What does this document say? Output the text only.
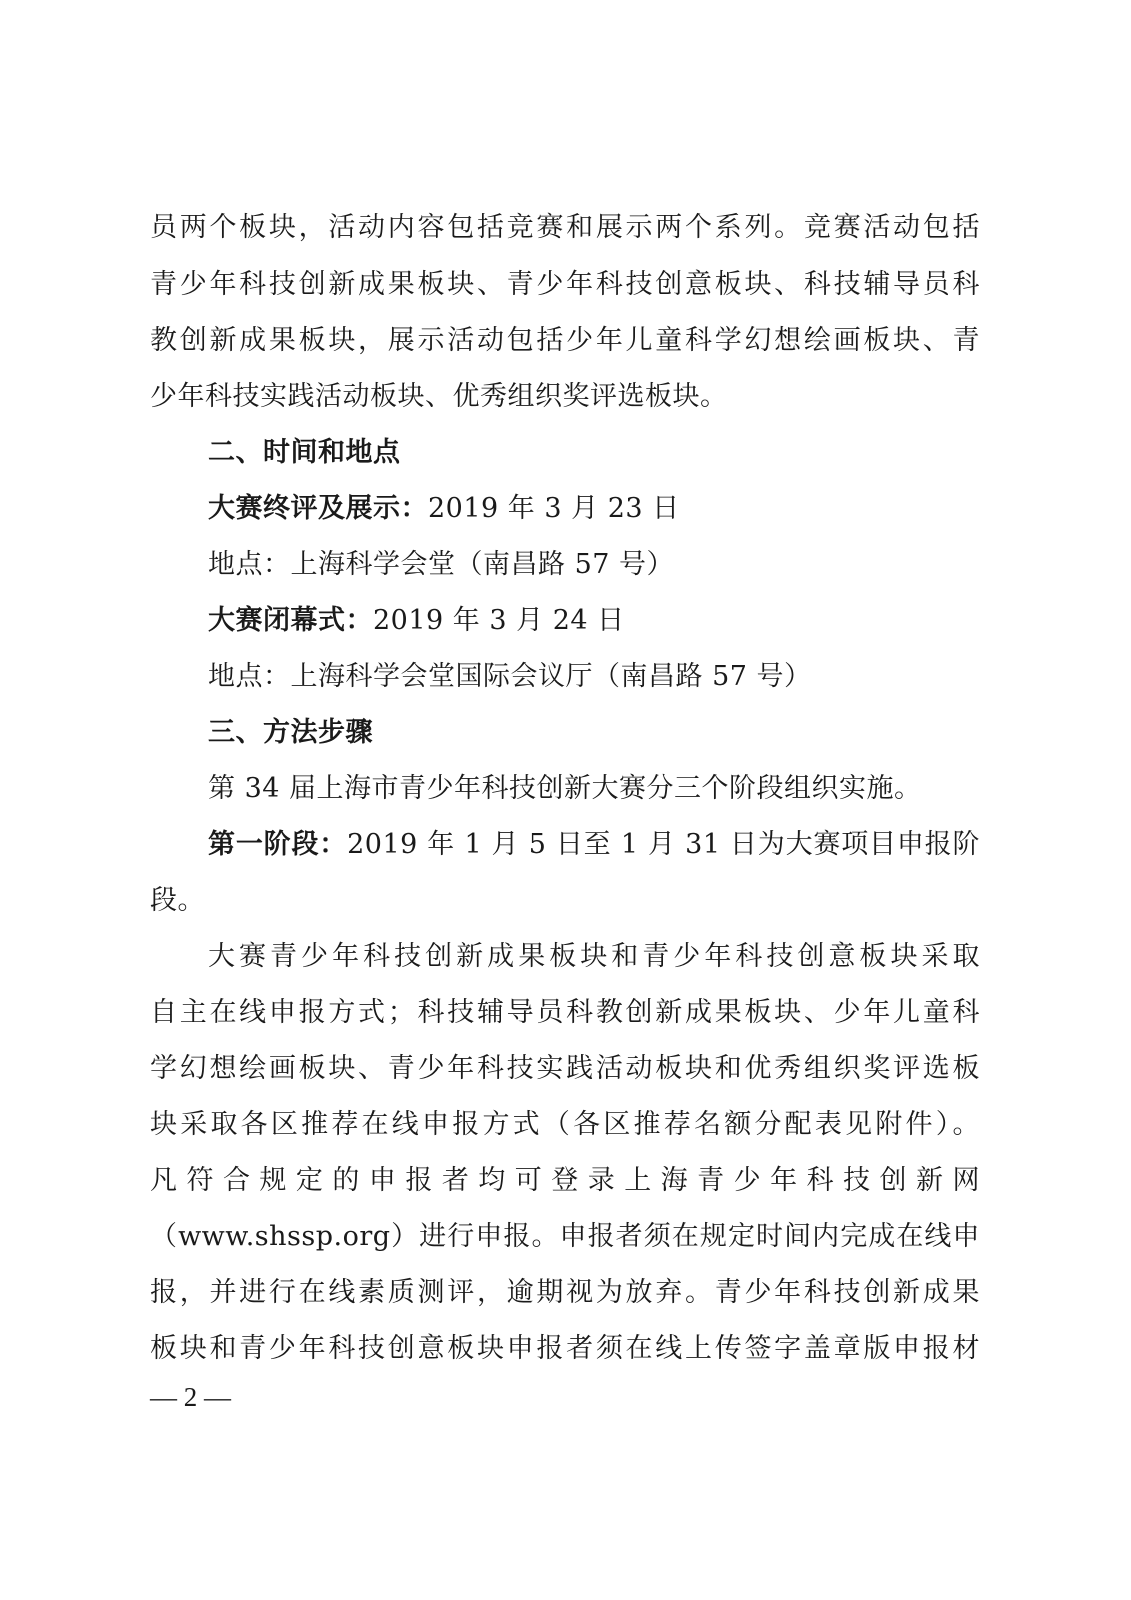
员两个板块，活动内容包括竞赛和展示两个系列。竞赛活动包括
青少年科技创新成果板块、青少年科技创意板块、科技辅导员科
教创新成果板块，展示活动包括少年儿童科学幻想绘画板块、青
少年科技实践活动板块、优秀组织奖评选板块。
二、时间和地点
大赛终评及展示：2019 年 3 月 23 日
地点：上海科学会堂（南昌路 57 号）
大赛闭幕式：2019 年 3 月 24 日
地点：上海科学会堂国际会议厅（南昌路 57 号）
三、方法步骤
第 34 届上海市青少年科技创新大赛分三个阶段组织实施。
第一阶段：2019 年 1 月 5 日至 1 月 31 日为大赛项目申报阶
段。
大赛青少年科技创新成果板块和青少年科技创意板块采取
自主在线申报方式；科技辅导员科教创新成果板块、少年儿童科
学幻想绘画板块、青少年科技实践活动板块和优秀组织奖评选板
块采取各区推荐在线申报方式（各区推荐名额分配表见附件）。
凡符合规定的申报者均可登录上海青少年科技创新网
（www.shssp.org）进行申报。申报者须在规定时间内完成在线申
报，并进行在线素质测评，逾期视为放弃。青少年科技创新成果
板块和青少年科技创意板块申报者须在线上传签字盖章版申报材
— 2 —
